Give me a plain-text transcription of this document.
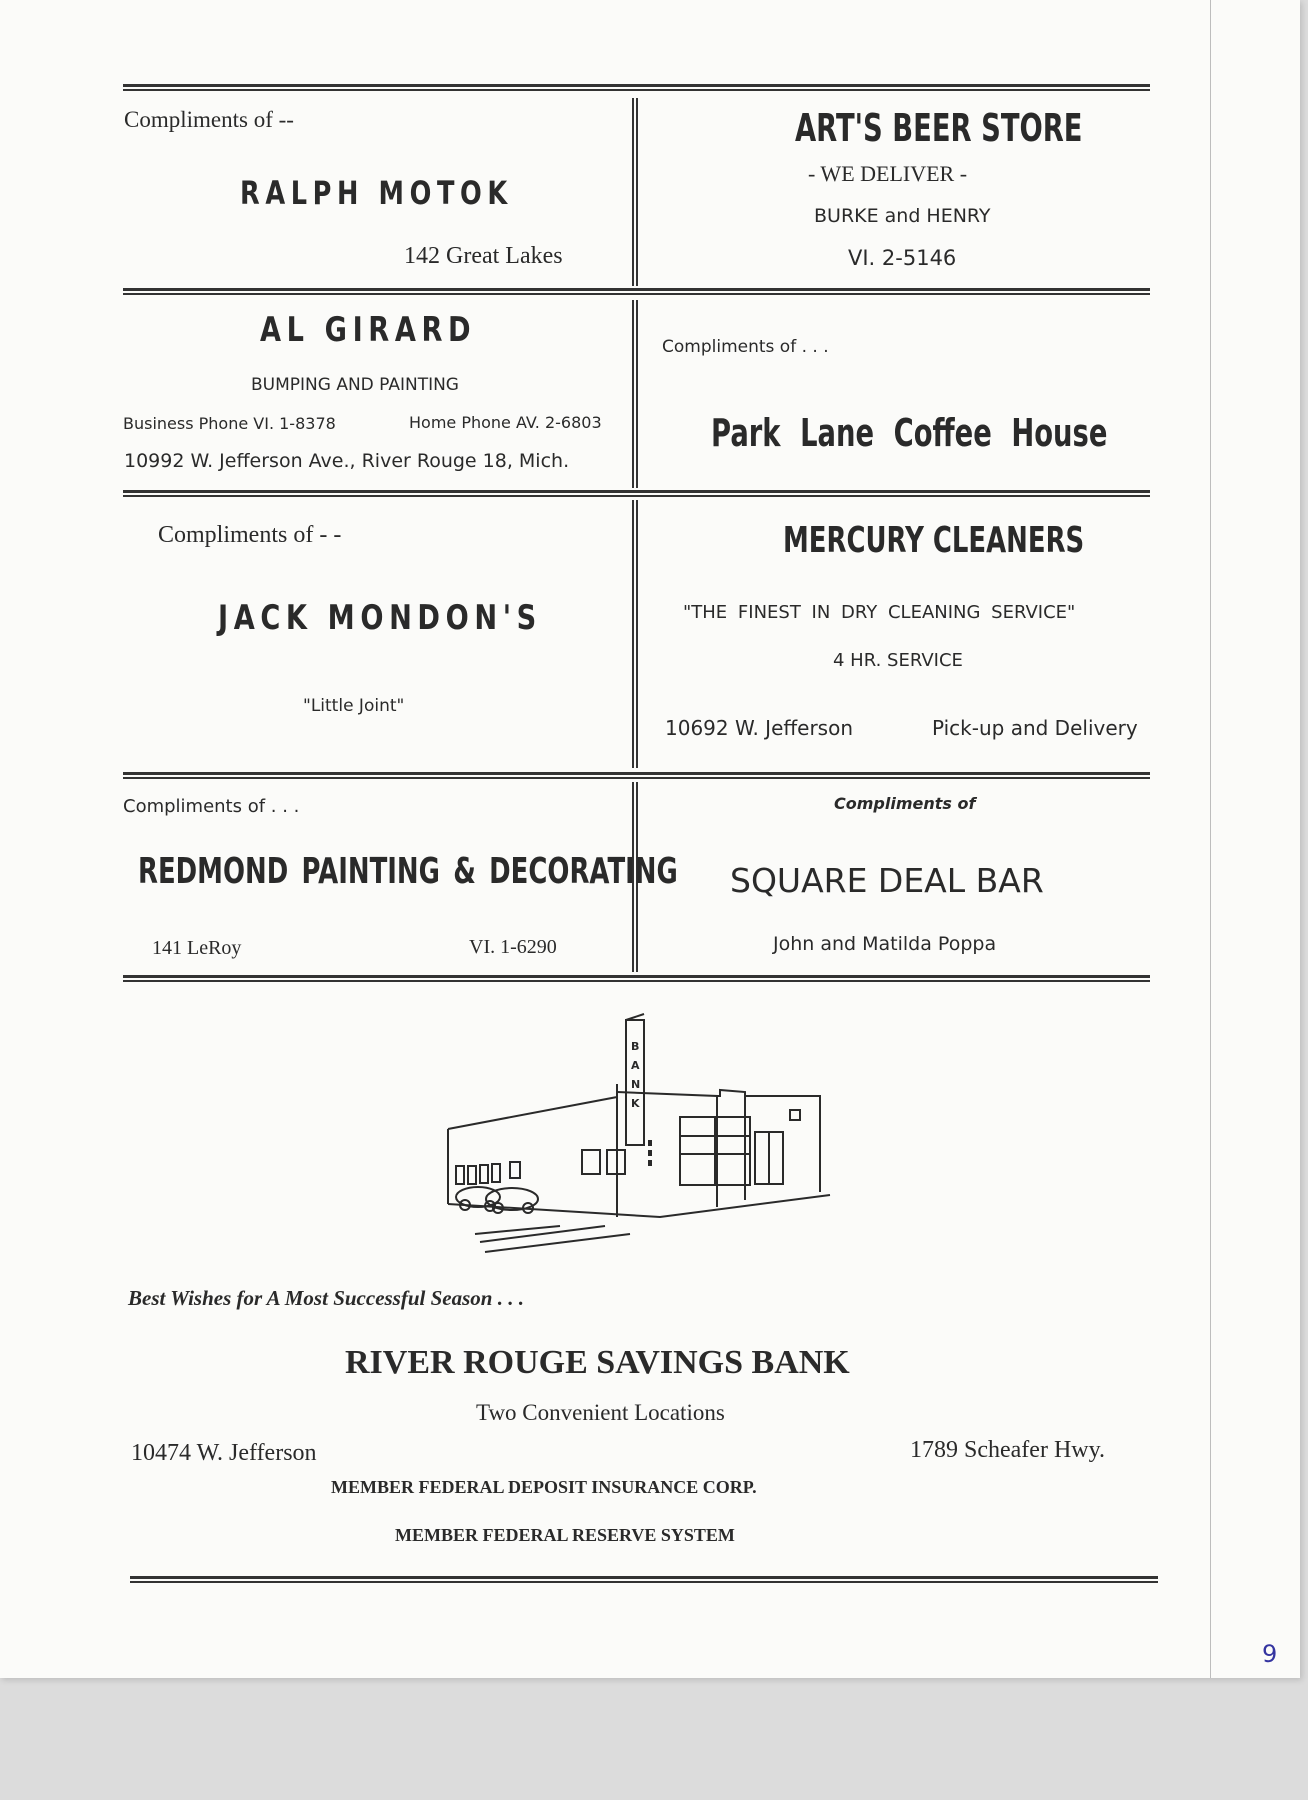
Compliments of --
RALPH MOTOK
142 Great Lakes
ART'S BEER STORE
- WE DELIVER -
BURKE and HENRY
VI. 2-5146
AL GIRARD
BUMPING AND PAINTING
Business Phone VI. 1-8378	Home Phone AV. 2-6803
10992 W. Jefferson Ave., River Rouge 18, Mich.
Compliments of . . .
Park Lane Coffee House
Compliments of - -
JACK MONDON'S
"Little Joint"
MERCURY CLEANERS
"THE FINEST IN DRY CLEANING SERVICE"
4 HR. SERVICE
10692 W. Jefferson	Pick-up and Delivery
Compliments of . . .
REDMOND PAINTING & DECORATING
141 LeRoy	VI. 1-6290
Compliments of
SQUARE DEAL BAR
John and Matilda Poppa
B A N K
Best Wishes for A Most Successful Season . . .
RIVER ROUGE SAVINGS BANK
Two Convenient Locations
10474 W. Jefferson	1789 Scheafer Hwy.
MEMBER FEDERAL DEPOSIT INSURANCE CORP.
MEMBER FEDERAL RESERVE SYSTEM
9
